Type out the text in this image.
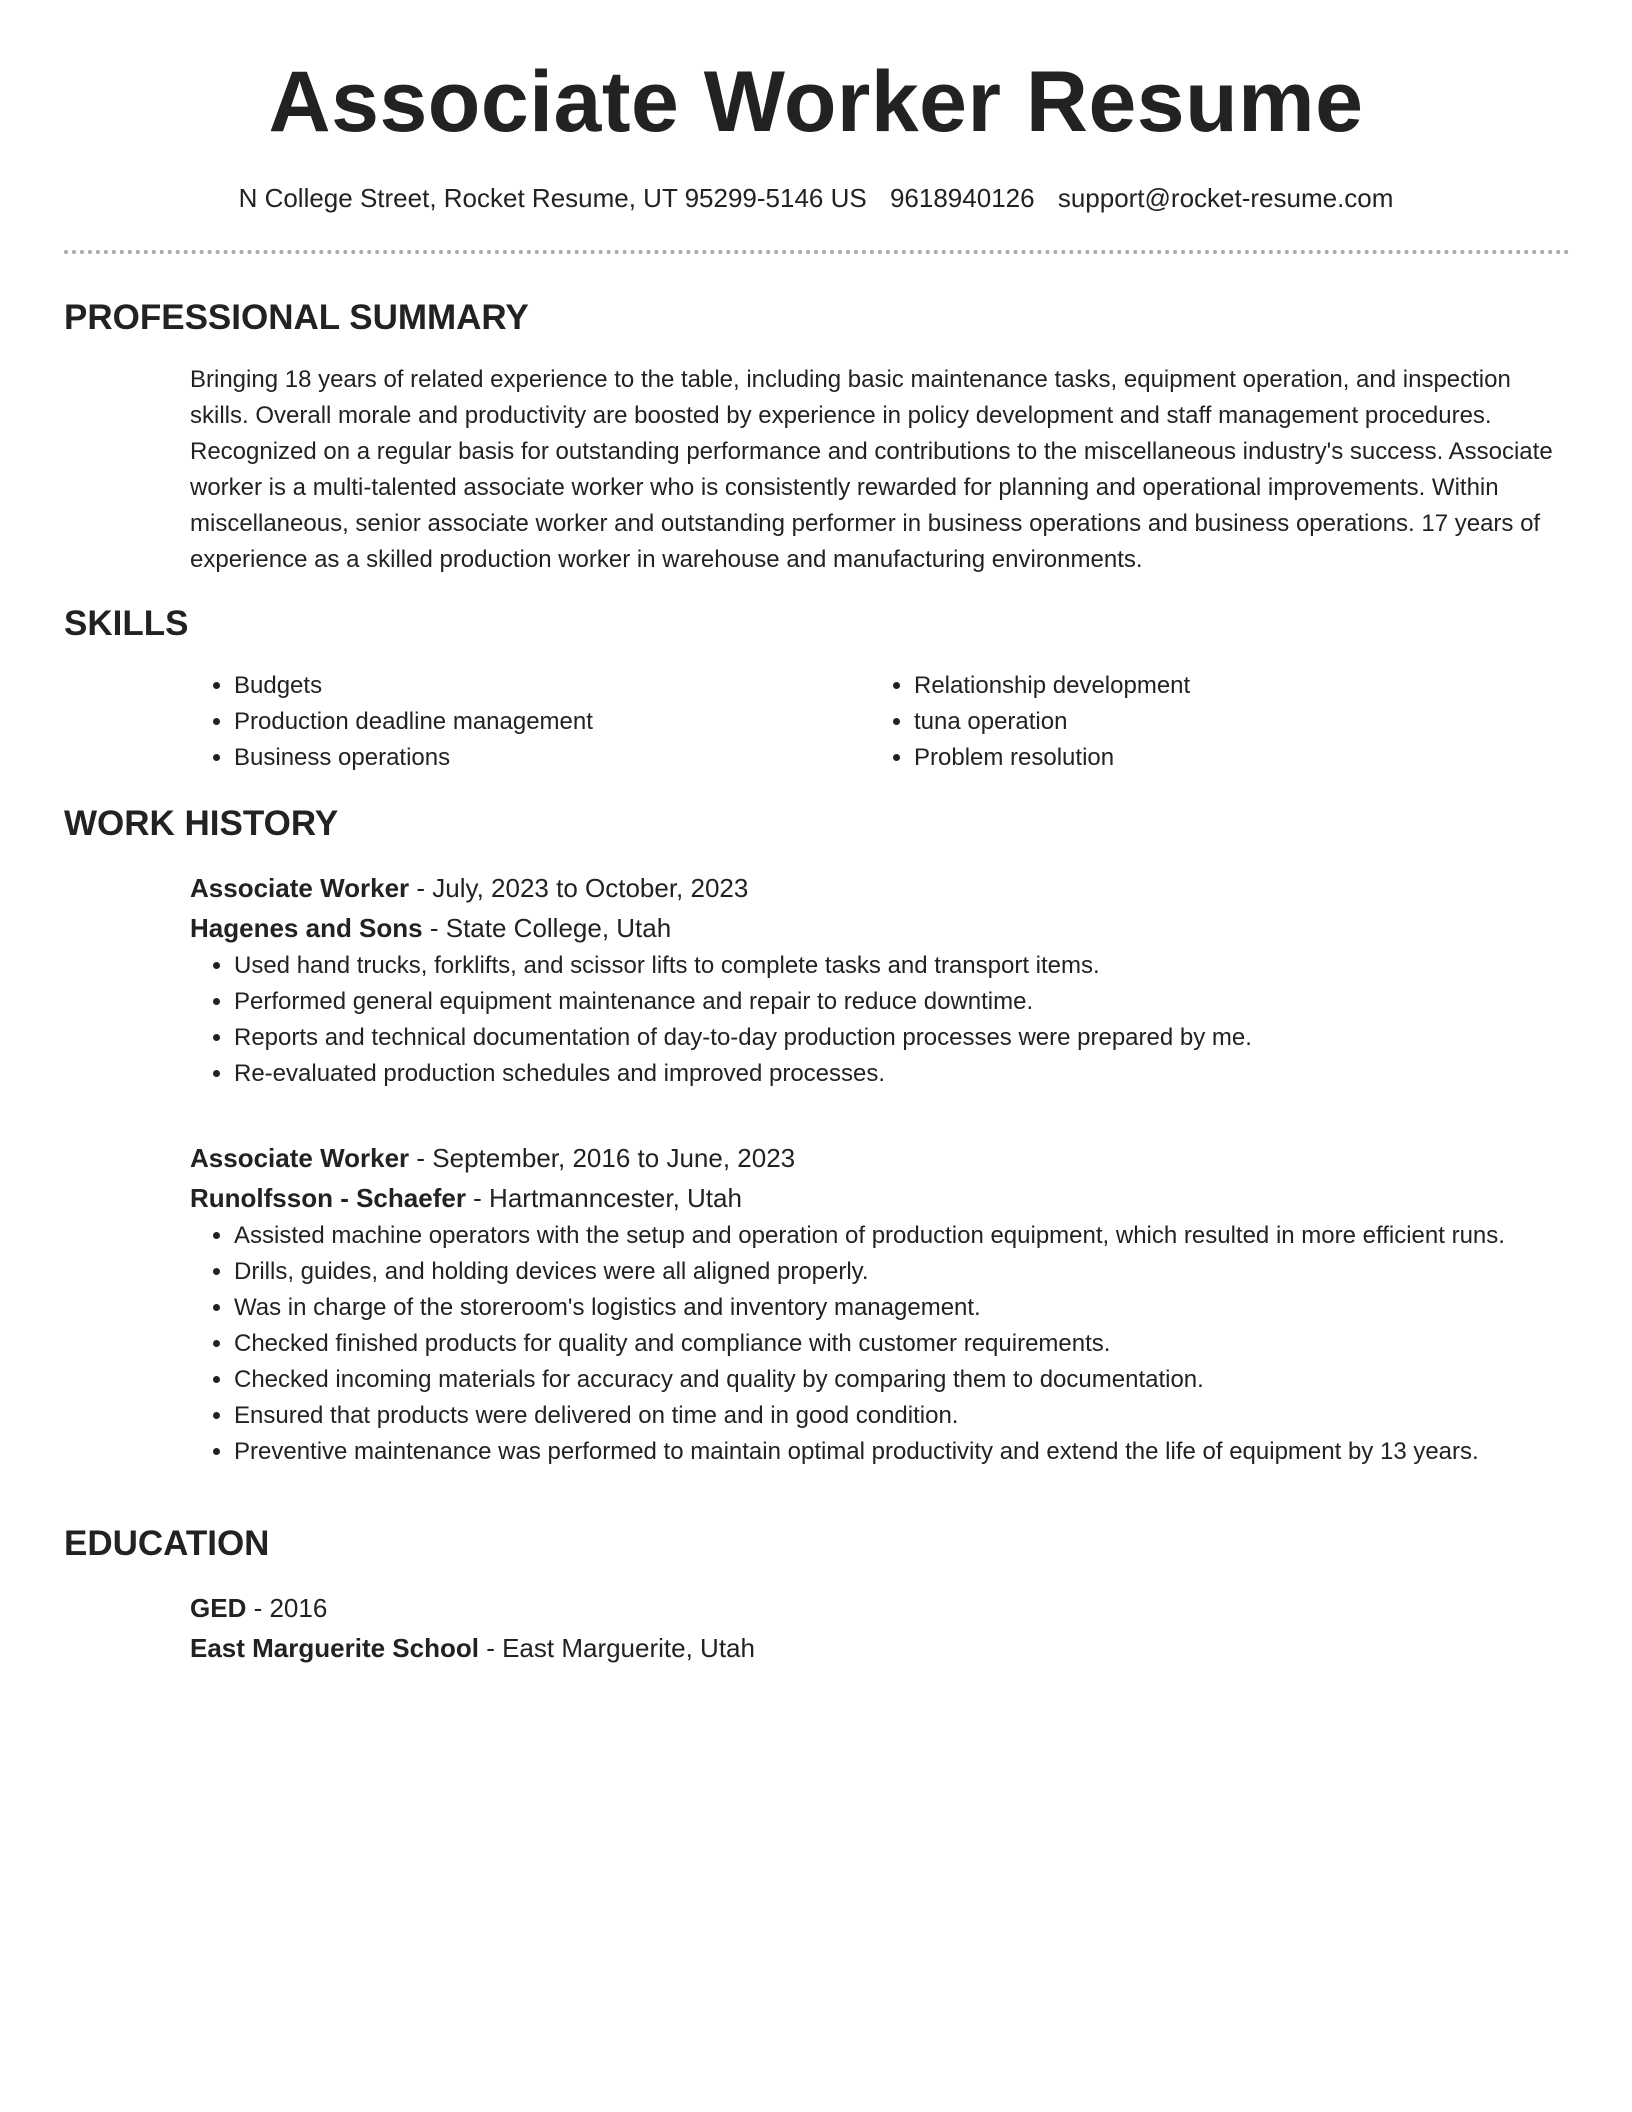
Associate Worker Resume
N College Street, Rocket Resume, UT 95299-5146 US 9618940126 support@rocket-resume.com
PROFESSIONAL SUMMARY

Bringing 18 years of related experience to the table, including basic maintenance tasks, equipment operation, and inspection skills. Overall morale and productivity are boosted by experience in policy development and staff management procedures. Recognized on a regular basis for outstanding performance and contributions to the miscellaneous industry's success. Associate worker is a multi-talented associate worker who is consistently rewarded for planning and operational improvements. Within miscellaneous, senior associate worker and outstanding performer in business operations and business operations. 17 years of experience as a skilled production worker in warehouse and manufacturing environments.

SKILLS
• Budgets
• Production deadline management
• Business operations
• Relationship development
• tuna operation
• Problem resolution
WORK HISTORY
Associate Worker - July, 2023 to October, 2023
Hagenes and Sons - State College, Utah
• Used hand trucks, forklifts, and scissor lifts to complete tasks and transport items.
• Performed general equipment maintenance and repair to reduce downtime.
• Reports and technical documentation of day-to-day production processes were prepared by me.
• Re-evaluated production schedules and improved processes.
Associate Worker - September, 2016 to June, 2023
Runolfsson - Schaefer - Hartmanncester, Utah
• Assisted machine operators with the setup and operation of production equipment, which resulted in more efficient runs.
• Drills, guides, and holding devices were all aligned properly.
• Was in charge of the storeroom's logistics and inventory management.
• Checked finished products for quality and compliance with customer requirements.
• Checked incoming materials for accuracy and quality by comparing them to documentation.
• Ensured that products were delivered on time and in good condition.
• Preventive maintenance was performed to maintain optimal productivity and extend the life of equipment by 13 years.
EDUCATION
GED - 2016
East Marguerite School - East Marguerite, Utah
